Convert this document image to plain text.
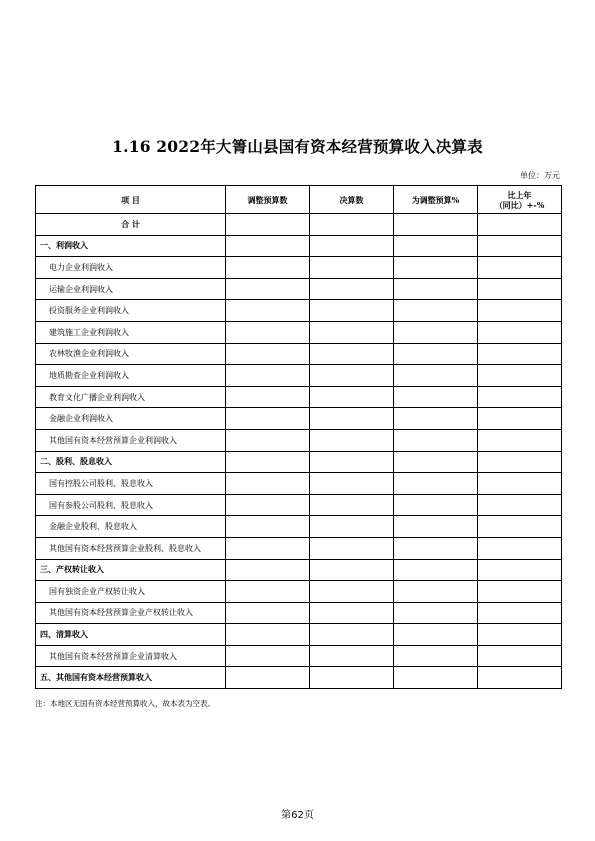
1.16 2022年大箐山县国有资本经营预算收入决算表
单位：万元
项 目	调整预算数	决算数	为调整预算%	比上年
（同比）+-%

合 计				
一、利润收入				
电力企业利润收入				
运输企业利润收入				
投资服务企业利润收入				
建筑施工企业利润收入				
农林牧渔企业利润收入				
地质勘查企业利润收入				
教育文化广播企业利润收入				
金融企业利润收入				
其他国有资本经营预算企业利润收入				
二、股利、股息收入				
国有控股公司股利、股息收入				
国有参股公司股利、股息收入				
金融企业股利、股息收入				
其他国有资本经营预算企业股利、股息收入				
三、产权转让收入				
国有独资企业产权转让收入				
其他国有资本经营预算企业产权转让收入				
四、清算收入				
其他国有资本经营预算企业清算收入				
五、其他国有资本经营预算收入				
注：本地区无国有资本经营预算收入，故本表为空表。
第62页
